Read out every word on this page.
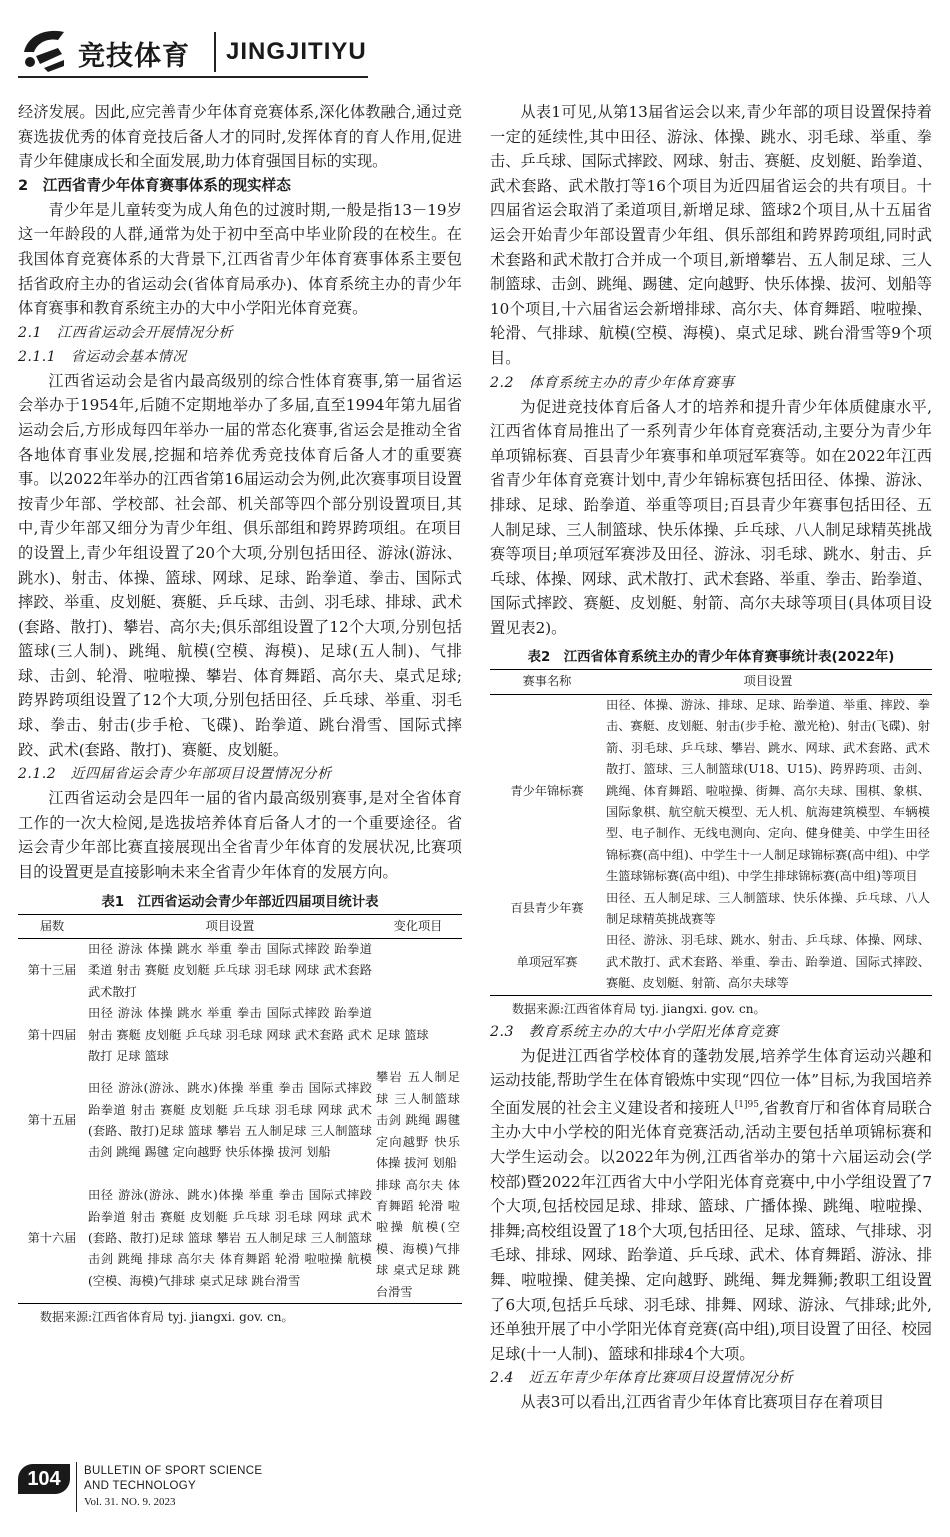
竞技体育 JINGJITIYU

经济发展。因此,应完善青少年体育竞赛体系,深化体教融合,通过竞赛选拔优秀的体育竞技后备人才的同时,发挥体育的育人作用,促进青少年健康成长和全面发展,助力体育强国目标的实现。

2　江西省青少年体育赛事体系的现实样态

青少年是儿童转变为成人角色的过渡时期,一般是指13－19岁这一年龄段的人群,通常为处于初中至高中毕业阶段的在校生。在我国体育竞赛体系的大背景下,江西省青少年体育赛事体系主要包括省政府主办的省运动会(省体育局承办)、体育系统主办的青少年体育赛事和教育系统主办的大中小学阳光体育竞赛。

2.1　江西省运动会开展情况分析
2.1.1　省运动会基本情况

江西省运动会是省内最高级别的综合性体育赛事,第一届省运会举办于1954年,后随不定期地举办了多届,直至1994年第九届省运动会后,方形成每四年举办一届的常态化赛事,省运会是推动全省各地体育事业发展,挖掘和培养优秀竞技体育后备人才的重要赛事。以2022年举办的江西省第16届运动会为例,此次赛事项目设置按青少年部、学校部、社会部、机关部等四个部分别设置项目,其中,青少年部又细分为青少年组、俱乐部组和跨界跨项组。在项目的设置上,青少年组设置了20个大项,分别包括田径、游泳(游泳、跳水)、射击、体操、篮球、网球、足球、跆拳道、拳击、国际式摔跤、举重、皮划艇、赛艇、乒乓球、击剑、羽毛球、排球、武术(套路、散打)、攀岩、高尔夫;俱乐部组设置了12个大项,分别包括篮球(三人制)、跳绳、航模(空模、海模)、足球(五人制)、气排球、击剑、轮滑、啦啦操、攀岩、体育舞蹈、高尔夫、桌式足球;跨界跨项组设置了12个大项,分别包括田径、乒乓球、举重、羽毛球、拳击、射击(步手枪、飞碟)、跆拳道、跳台滑雪、国际式摔跤、武术(套路、散打)、赛艇、皮划艇。

2.1.2　近四届省运会青少年部项目设置情况分析

江西省运动会是四年一届的省内最高级别赛事,是对全省体育工作的一次大检阅,是选拔培养体育后备人才的一个重要途径。省运会青少年部比赛直接展现出全省青少年体育的发展状况,比赛项目的设置更是直接影响未来全省青少年体育的发展方向。

表1　江西省运动会青少年部近四届项目统计表
届数	项目设置	变化项目
第十三届	田径 游泳 体操 跳水 举重 拳击 国际式摔跤 跆拳道 柔道 射击 赛艇 皮划艇 乒乓球 羽毛球 网球 武术套路 武术散打	
第十四届	田径 游泳 体操 跳水 举重 拳击 国际式摔跤 跆拳道 射击 赛艇 皮划艇 乒乓球 羽毛球 网球 武术套路 武术散打 足球 篮球	足球 篮球
第十五届	田径 游泳(游泳、跳水)体操 举重 拳击 国际式摔跤 跆拳道 射击 赛艇 皮划艇 乒乓球 羽毛球 网球 武术(套路、散打)足球 篮球 攀岩 五人制足球 三人制篮球 击剑 跳绳 踢毽 定向越野 快乐体操 拔河 划船	攀岩 五人制足球 三人制篮球 击剑 跳绳 踢毽 定向越野 快乐体操 拔河 划船
第十六届	田径 游泳(游泳、跳水)体操 举重 拳击 国际式摔跤 跆拳道 射击 赛艇 皮划艇 乒乓球 羽毛球 网球 武术(套路、散打)足球 篮球 攀岩 五人制足球 三人制篮球 击剑 跳绳 排球 高尔夫 体育舞蹈 轮滑 啦啦操 航模(空模、海模)气排球 桌式足球 跳台滑雪	排球 高尔夫 体育舞蹈 轮滑 啦啦操 航模(空模、海模)气排球 桌式足球 跳台滑雪
数据来源:江西省体育局 tyj. jiangxi. gov. cn。

从表1可见,从第13届省运会以来,青少年部的项目设置保持着一定的延续性,其中田径、游泳、体操、跳水、羽毛球、举重、拳击、乒乓球、国际式摔跤、网球、射击、赛艇、皮划艇、跆拳道、武术套路、武术散打等16个项目为近四届省运会的共有项目。十四届省运会取消了柔道项目,新增足球、篮球2个项目,从十五届省运会开始青少年部设置青少年组、俱乐部组和跨界跨项组,同时武术套路和武术散打合并成一个项目,新增攀岩、五人制足球、三人制篮球、击剑、跳绳、踢毽、定向越野、快乐体操、拔河、划船等10个项目,十六届省运会新增排球、高尔夫、体育舞蹈、啦啦操、轮滑、气排球、航模(空模、海模)、桌式足球、跳台滑雪等9个项目。

2.2　体育系统主办的青少年体育赛事

为促进竞技体育后备人才的培养和提升青少年体质健康水平,江西省体育局推出了一系列青少年体育竞赛活动,主要分为青少年单项锦标赛、百县青少年赛事和单项冠军赛等。如在2022年江西省青少年体育竞赛计划中,青少年锦标赛包括田径、体操、游泳、排球、足球、跆拳道、举重等项目;百县青少年赛事包括田径、五人制足球、三人制篮球、快乐体操、乒乓球、八人制足球精英挑战赛等项目;单项冠军赛涉及田径、游泳、羽毛球、跳水、射击、乒乓球、体操、网球、武术散打、武术套路、举重、拳击、跆拳道、国际式摔跤、赛艇、皮划艇、射箭、高尔夫球等项目(具体项目设置见表2)。

表2　江西省体育系统主办的青少年体育赛事统计表(2022年)
赛事名称	项目设置
青少年锦标赛	田径、体操、游泳、排球、足球、跆拳道、举重、摔跤、拳击、赛艇、皮划艇、射击(步手枪、激光枪)、射击(飞碟)、射箭、羽毛球、乒乓球、攀岩、跳水、网球、武术套路、武术散打、篮球、三人制篮球(U18、U15)、跨界跨项、击剑、跳绳、体育舞蹈、啦啦操、街舞、高尔夫球、围棋、象棋、国际象棋、航空航天模型、无人机、航海建筑模型、车辆模型、电子制作、无线电测向、定向、健身健美、中学生田径锦标赛(高中组)、中学生十一人制足球锦标赛(高中组)、中学生篮球锦标赛(高中组)、中学生排球锦标赛(高中组)等项目
百县青少年赛	田径、五人制足球、三人制篮球、快乐体操、乒乓球、八人制足球精英挑战赛等
单项冠军赛	田径、游泳、羽毛球、跳水、射击、乒乓球、体操、网球、武术散打、武术套路、举重、拳击、跆拳道、国际式摔跤、赛艇、皮划艇、射箭、高尔夫球等
数据来源:江西省体育局 tyj. jiangxi. gov. cn。
2.3　教育系统主办的大中小学阳光体育竞赛

为促进江西省学校体育的蓬勃发展,培养学生体育运动兴趣和运动技能,帮助学生在体育锻炼中实现“四位一体”目标,为我国培养全面发展的社会主义建设者和接班人$^{[1]95}$,省教育厅和省体育局联合主办大中小学校的阳光体育竞赛活动,活动主要包括单项锦标赛和大学生运动会。以2022年为例,江西省举办的第十六届运动会(学校部)暨2022年江西省大中小学阳光体育竞赛中,中小学组设置了7个大项,包括校园足球、排球、篮球、广播体操、跳绳、啦啦操、排舞;高校组设置了18个大项,包括田径、足球、篮球、气排球、羽毛球、排球、网球、跆拳道、乒乓球、武术、体育舞蹈、游泳、排舞、啦啦操、健美操、定向越野、跳绳、舞龙舞狮;教职工组设置了6大项,包括乒乓球、羽毛球、排舞、网球、游泳、气排球;此外,还单独开展了中小学阳光体育竞赛(高中组),项目设置了田径、校园足球(十一人制)、篮球和排球4个大项。

2.4　近五年青少年体育比赛项目设置情况分析

从表3可以看出,江西省青少年体育比赛项目存在着项目

104	BULLETIN OF SPORT SCIENCE
AND TECHNOLOGY
Vol. 31. NO. 9. 2023
